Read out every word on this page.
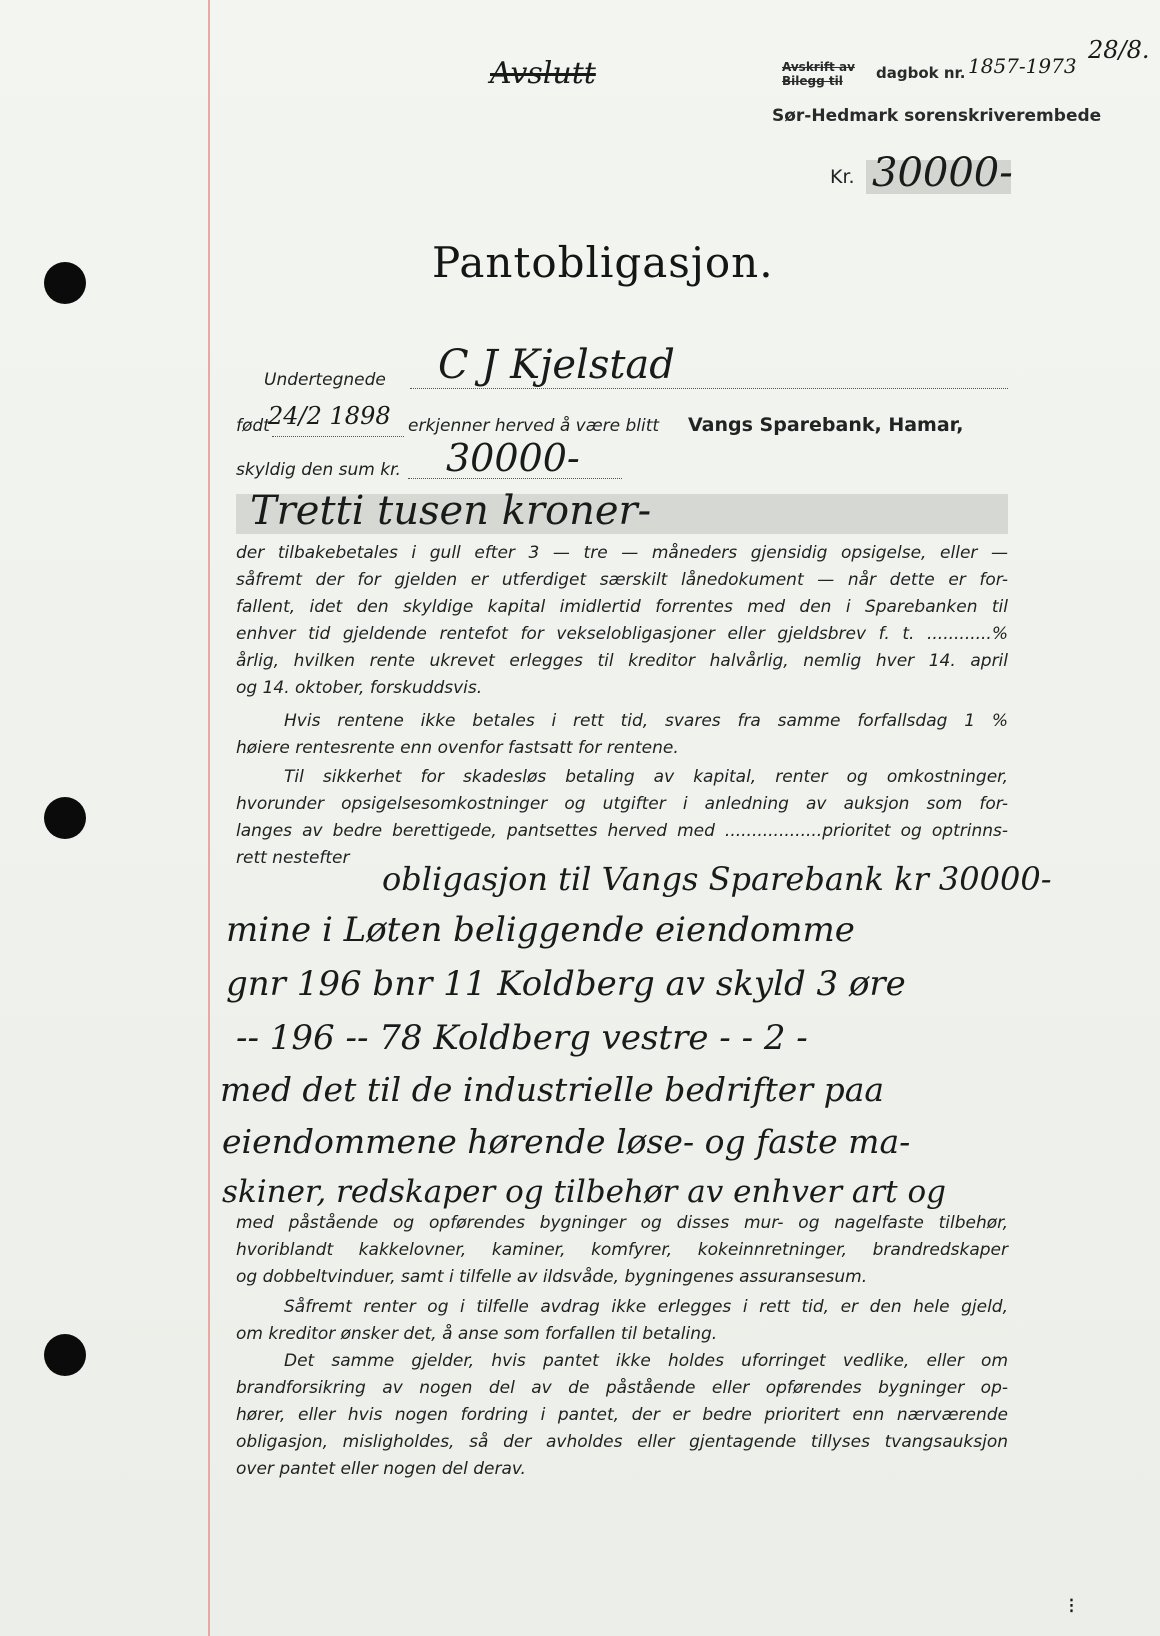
Avslutt	Avskrift av Bilegg til	dagbok nr. 1857-1973
28/8.
Sør-Hedmark sorenskriverembede
Kr. 30000-
Pantobligasjon.
Undertegnede C J Kjelstad
født
24/2 1898 erkjenner herved å være blitt Vangs Sparebank, Hamar,
skyldig den sum kr. 30000-
Tretti tusen kroner-
der tilbakebetales i gull efter 3 — tre — måneders gjensidig opsigelse, eller —
såfremt der for gjelden er utferdiget særskilt lånedokument — når dette er for-
fallent, idet den skyldige kapital imidlertid forrentes med den i Sparebanken til
enhver tid gjeldende rentefot for vekseloblig​asjoner eller gjeldsbrev f. t. ............%
årlig, hvilken rente ukrevet erlegges til kreditor halvårlig, nemlig hver 14. april
og 14. oktober, forskuddsvis.
Hvis rentene ikke betales i rett tid, svares fra samme forfallsdag 1 %
høiere rentesrente enn ovenfor fastsatt for rentene.
Til sikkerhet for skadesløs betaling av kapital, renter og omkostninger,
hvorunder opsigelsesomkostninger og utgifter i anledning av auksjon som for-
langes av bedre berettigede, pantsettes herved med ..................prioritet og optrinns-
rett nestefter
obligasjon til Vangs Sparebank kr 30000-
mine i Løten beliggende eiendomme
gnr 196 bnr 11 Koldberg av skyld 3 øre
-- 196 -- 78 Koldberg vestre - - 2 -
med det til de industrielle bedrifter paa
eiendommene hørende løse- og faste ma-
skiner, redskaper og tilbehør av enhver art og
med påstående og opførendes bygninger og disses mur- og nagelfaste tilbehør,
hvoriblandt kakkelovner, kaminer, komfyrer, kokeinnretninger, brandredskaper
og dobbeltvinduer, samt i tilfelle av ildsvåde, bygningenes assuransesum.
Såfremt renter og i tilfelle avdrag ikke erlegges i rett tid, er den hele gjeld,
om kreditor ønsker det, å anse som forfallen til betaling.
Det samme gjelder, hvis pantet ikke holdes uforringet vedlike, eller om
brandforsikring av nogen del av de påstående eller opførendes bygninger op-
hører, eller hvis nogen fordring i pantet, der er bedre prioritert enn nærværende
obligasjon, misligholdes, så der avholdes eller gjentagende tillyses tvangsauksjon
over pantet eller nogen del derav.
⁝
